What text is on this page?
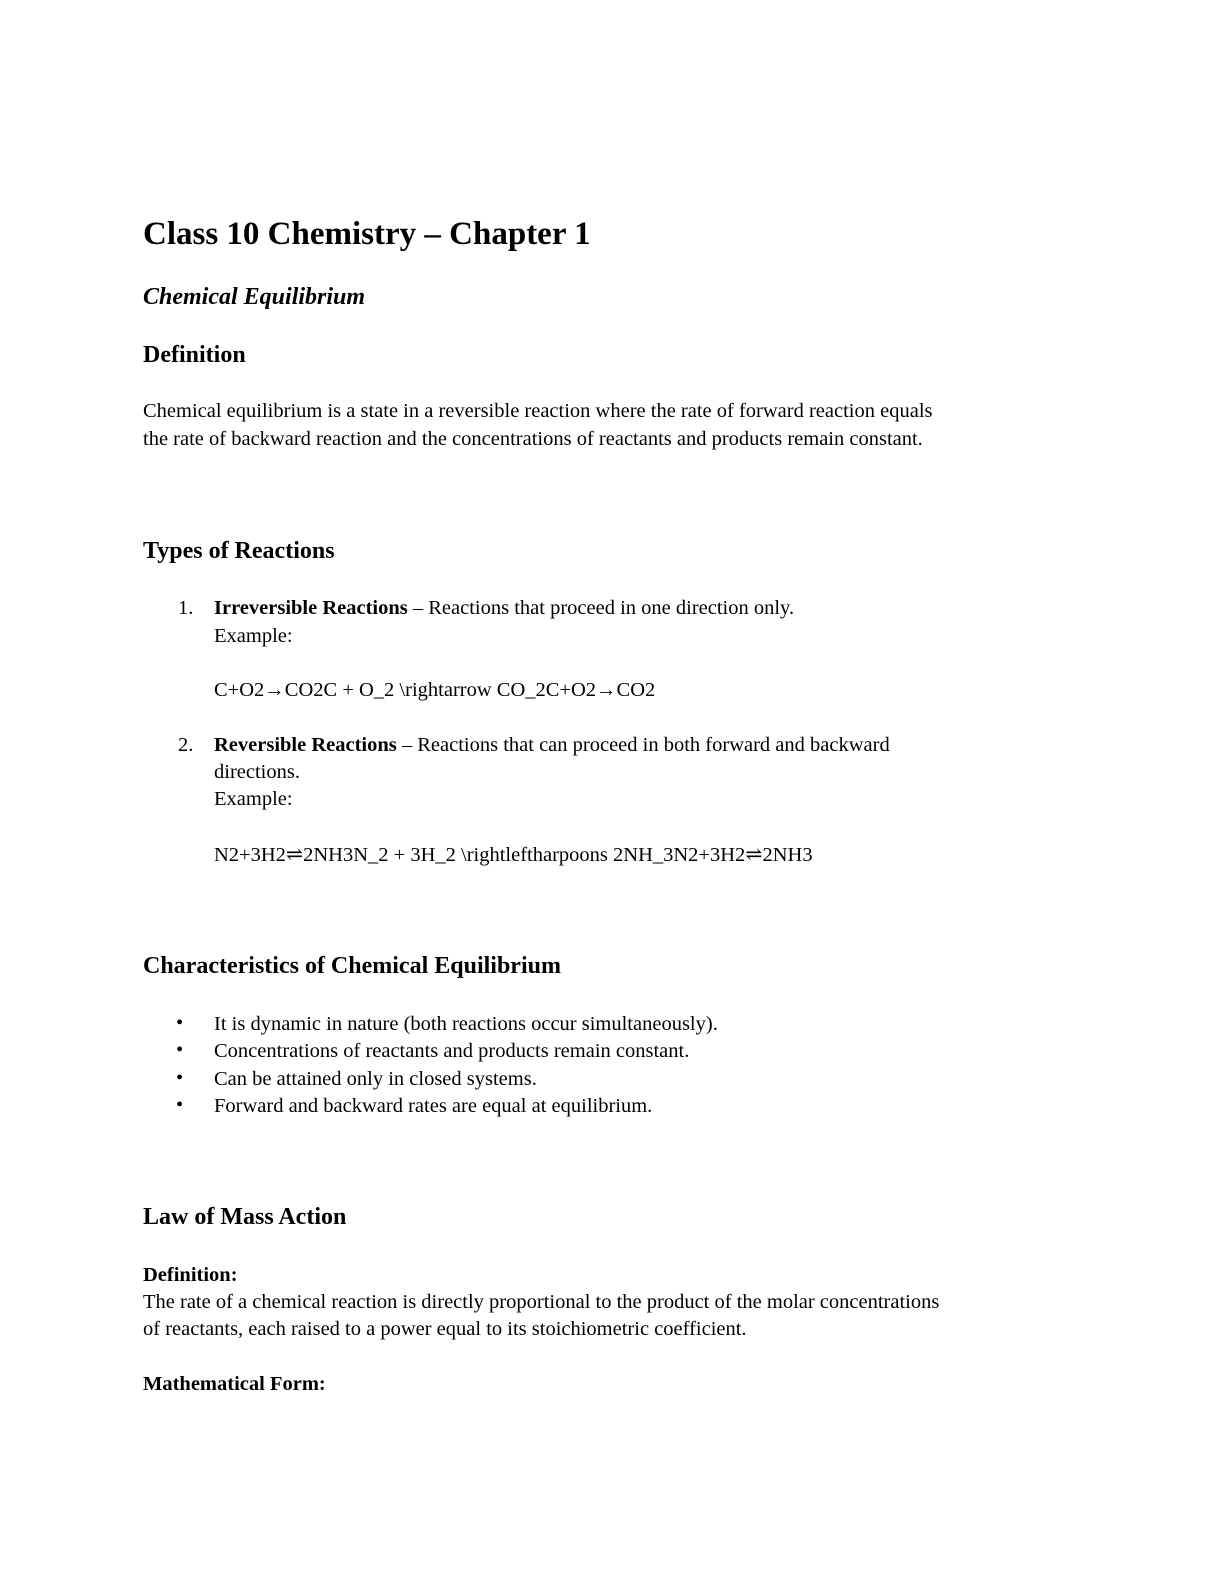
Class 10 Chemistry – Chapter 1
Chemical Equilibrium
Definition
Chemical equilibrium is a state in a reversible reaction where the rate of forward reaction equals
the rate of backward reaction and the concentrations of reactants and products remain constant.
Types of Reactions
1. Irreversible Reactions – Reactions that proceed in one direction only.
Example:
C+O2→CO2C + O_2 \rightarrow CO_2C+O2→CO2
2. Reversible Reactions – Reactions that can proceed in both forward and backward
directions.
Example:
N2+3H2⇌2NH3N_2 + 3H_2 \rightleftharpoons 2NH_3N2+3H2⇌2NH3
Characteristics of Chemical Equilibrium
• It is dynamic in nature (both reactions occur simultaneously).
• Concentrations of reactants and products remain constant.
• Can be attained only in closed systems.
• Forward and backward rates are equal at equilibrium.
Law of Mass Action
Definition:
The rate of a chemical reaction is directly proportional to the product of the molar concentrations
of reactants, each raised to a power equal to its stoichiometric coefficient.
Mathematical Form:
